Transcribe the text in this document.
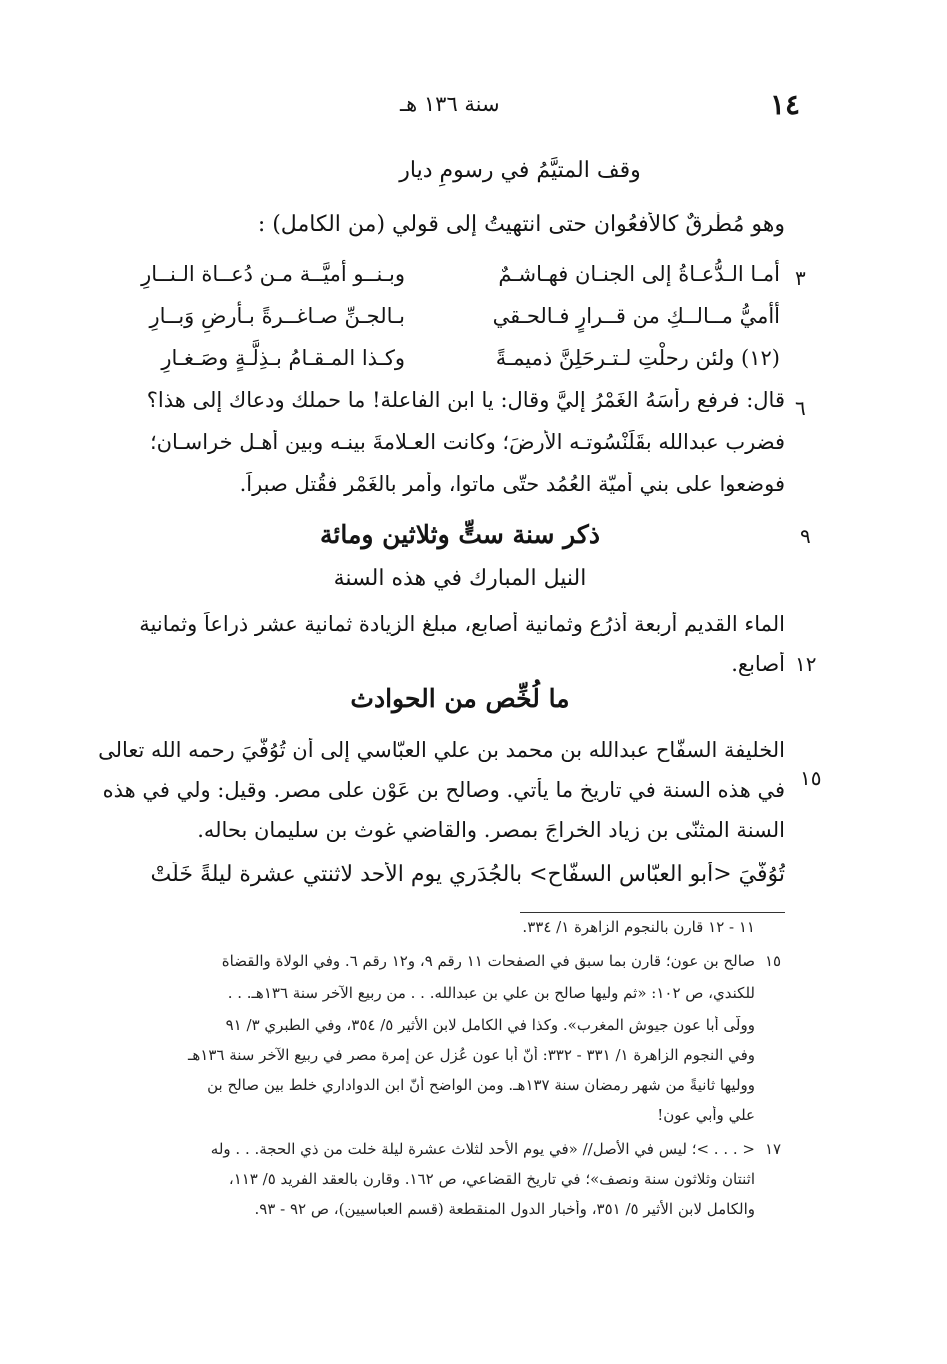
١٤
سنة ١٣٦ هـ
وقف المتيَّمُ في رسومِ ديار
وهو مُطْرِقٌ كالأفعُوان حتى انتهيتُ إلى قولي (من الكامل) :
٣
أمـا الـدُّعـاةُ إلى الجنـان فهـاشـمٌ
وبـنــو أميَّــة مـن دُعــاة الـنــارِ
أأميُّ مــالــكِ من قــرارٍ فـالحـقي
بـالجـنِّ صـاغــرةً بـأرضِ وَبــارِ
(١٢) ولئن رحلْتِ لـتـرحَلِنَّ ذميمـةً
وكـذا المـقـامُ بـذِلَّـةٍ وصَـغـارِ
٦
قال: فرفع رأسَهُ الغَمْرُ إليَّ وقال: يا ابن الفاعلة! ما حملك ودعاك إلى هذا؟
فضرب عبدالله بقَلَنْسُوتـه الأرضَ؛ وكانت العـلامةَ بينـه وبين أهـل خراسـان؛
فوضعوا على بني أميّة العُمُد حتّى ماتوا، وأمر بالغَمْر فقُتل صبراً.
٩
ذكر سنة ستٍّ وثلاثين ومائة
النيل المبارك في هذه السنة
الماء القديم أربعة أذرُع وثمانية أصابع، مبلغ الزيادة ثمانية عشر ذراعاً وثمانية
١٢
أصابع.
ما لُخِّص من الحوادث
١٥
الخليفة السفّاح عبدالله بن محمد بن علي العبّاسي إلى أن تُوُفّيَ رحمه الله تعالى
في هذه السنة في تاريخ ما يأتي. وصالح بن عَوْن على مصر. وقيل: ولي في هذه
السنة المثنّى بن زياد الخراجَ بمصر. والقاضي غوث بن سليمان بحاله.
تُوُفّيَ <أبو العبّاس السفّاح> بالجُدَري يوم الأحد لاثنتي عشرة ليلةً خَلَتْ
١١ - ١٢ قارن بالنجوم الزاهرة ١/ ٣٣٤.
١٥
صالح بن عون؛ قارن بما سبق في الصفحات ١١ رقم ٩، و١٢ رقم ٦. وفي الولاة والقضاة
للكندي، ص ١٠٢: «ثم وليها صالح بن علي بن عبدالله. . . من ربيع الآخر سنة ١٣٦هـ. . .
وولّى أبا عون جيوش المغرب». وكذا في الكامل لابن الأثير ٥/ ٣٥٤، وفي الطبري ٣/ ٩١
وفي النجوم الزاهرة ١/ ٣٣١ - ٣٣٢: أنّ أبا عون عُزل عن إمرة مصر في ربيع الآخر سنة ١٣٦هـ
ووليها ثانيةً من شهر رمضان سنة ١٣٧هـ. ومن الواضح أنّ ابن الدواداري خلط بين صالح بن
علي وأبي عون!
١٧
< . . . >؛ ليس في الأصل// «في يوم الأحد لثلاث عشرة ليلة خلت من ذي الحجة. . . وله
اثنتان وثلاثون سنة ونصف»؛ في تاريخ القضاعي، ص ١٦٢. وقارن بالعقد الفريد ٥/ ١١٣،
والكامل لابن الأثير ٥/ ٣٥١، وأخبار الدول المنقطعة (قسم العباسيين)، ص ٩٢ - ٩٣.
